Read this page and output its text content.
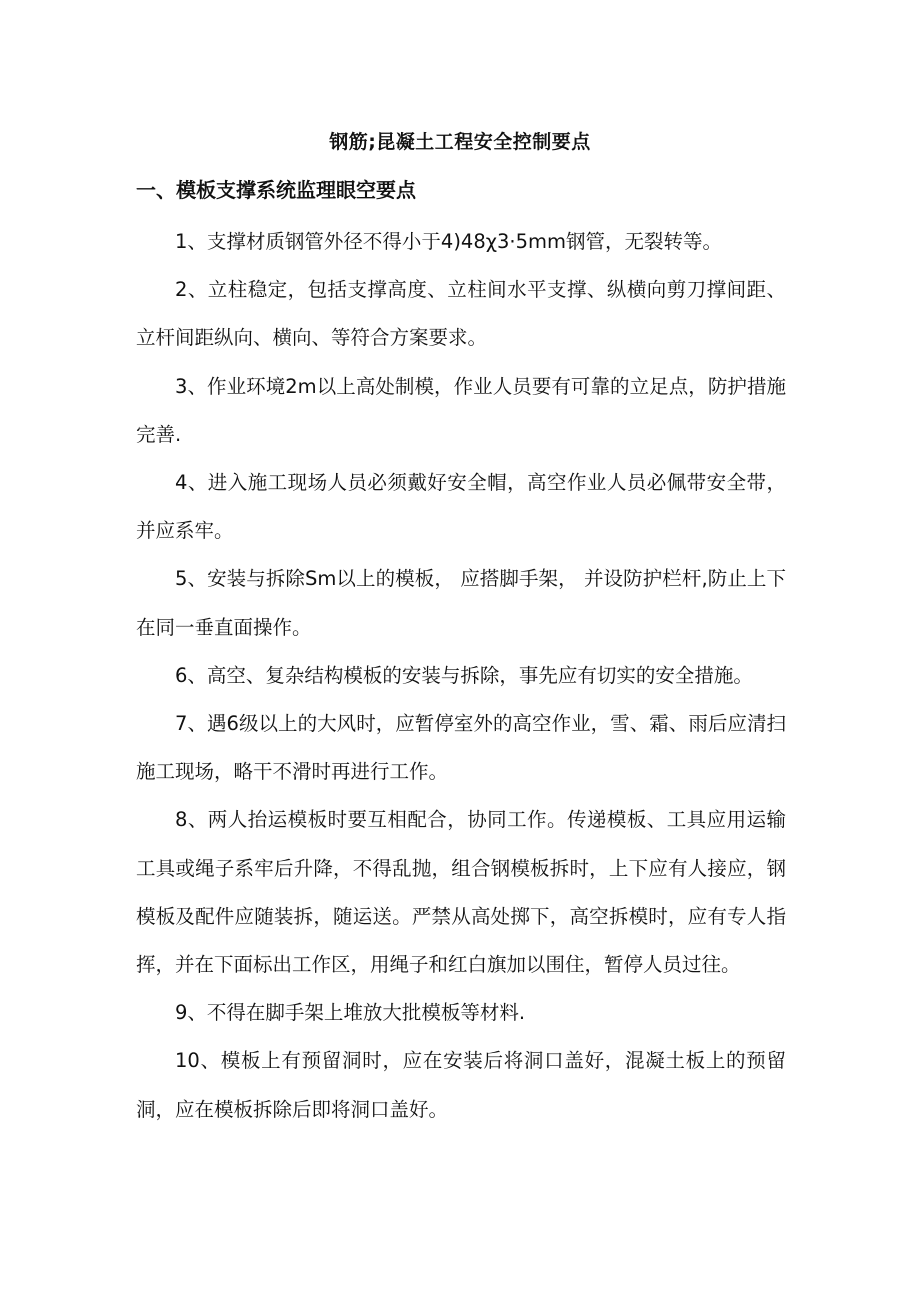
钢筋;昆凝土工程安全控制要点
一、模板支撑系统监理眼空要点

1、支撑材质钢管外径不得小于4)48χ3·5mm钢管，无裂转等。

2、立柱稳定，包括支撑高度、立柱间水平支撑、纵横向剪刀撑间距、立杆间距纵向、横向、等符合方案要求。

3、作业环境2m以上高处制模，作业人员要有可靠的立足点，防护措施完善.

4、进入施工现场人员必须戴好安全帽，高空作业人员必佩带安全带，并应系牢。

5、安装与拆除Sm以上的模板， 应搭脚手架， 并设防护栏杆,防止上下在同一垂直面操作。

6、高空、复杂结构模板的安装与拆除，事先应有切实的安全措施。

7、遇6级以上的大风时，应暂停室外的高空作业，雪、霜、雨后应清扫施工现场，略干不滑时再进行工作。

8、两人抬运模板时要互相配合，协同工作。传递模板、工具应用运输工具或绳子系牢后升降，不得乱抛，组合钢模板拆时，上下应有人接应，钢模板及配件应随装拆，随运送。严禁从高处掷下，高空拆模时，应有专人指挥，并在下面标出工作区，用绳子和红白旗加以围住，暂停人员过往。

9、不得在脚手架上堆放大批模板等材料.

10、模板上有预留洞时，应在安装后将洞口盖好，混凝土板上的预留洞，应在模板拆除后即将洞口盖好。
